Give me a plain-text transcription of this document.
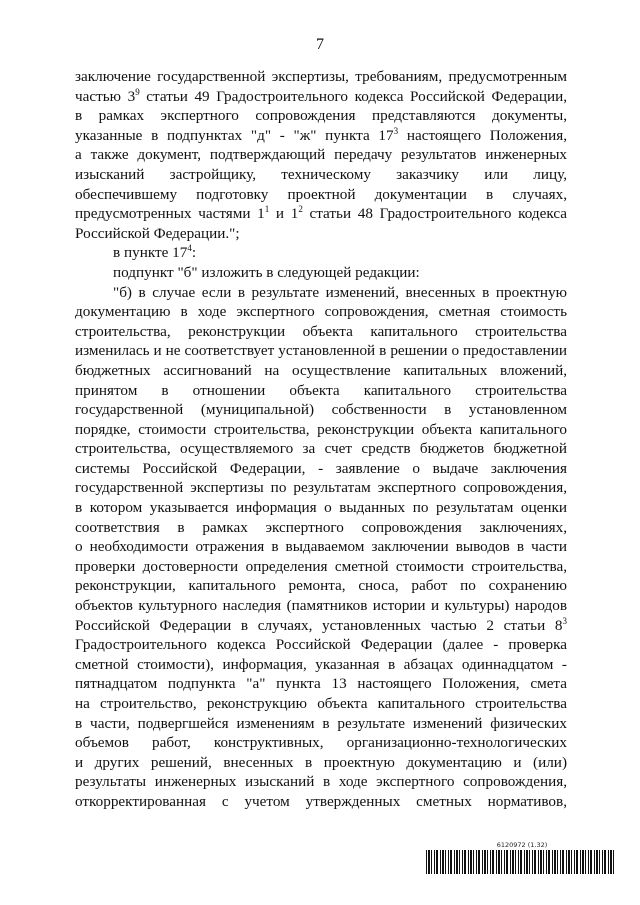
7
заключение государственной экспертизы, требованиям, предусмотренным
частью $3^9$ статьи 49 Градостроительного кодекса Российской Федерации,
в рамках экспертного сопровождения представляются документы,
указанные в подпунктах "д" - "ж" пункта $17^3$ настоящего Положения,
а также документ, подтверждающий передачу результатов инженерных
изысканий застройщику, техническому заказчику или лицу,
обеспечившему подготовку проектной документации в случаях,
предусмотренных частями $1^1$ и $1^2$ статьи 48 Градостроительного кодекса
Российской Федерации.";
в пункте $17^4$:
подпункт "б" изложить в следующей редакции:
"б) в случае если в результате изменений, внесенных в проектную
документацию в ходе экспертного сопровождения, сметная стоимость
строительства, реконструкции объекта капитального строительства
изменилась и не соответствует установленной в решении о предоставлении
бюджетных ассигнований на осуществление капитальных вложений,
принятом в отношении объекта капитального строительства
государственной (муниципальной) собственности в установленном
порядке, стоимости строительства, реконструкции объекта капитального
строительства, осуществляемого за счет средств бюджетов бюджетной
системы Российской Федерации, - заявление о выдаче заключения
государственной экспертизы по результатам экспертного сопровождения,
в котором указывается информация о выданных по результатам оценки
соответствия в рамках экспертного сопровождения заключениях,
о необходимости отражения в выдаваемом заключении выводов в части
проверки достоверности определения сметной стоимости строительства,
реконструкции, капитального ремонта, сноса, работ по сохранению
объектов культурного наследия (памятников истории и культуры) народов
Российской Федерации в случаях, установленных частью 2 статьи $8^3$
Градостроительного кодекса Российской Федерации (далее - проверка
сметной стоимости), информация, указанная в абзацах одиннадцатом -
пятнадцатом подпункта "а" пункта 13 настоящего Положения, смета
на строительство, реконструкцию объекта капитального строительства
в части, подвергшейся изменениям в результате изменений физических
объемов работ, конструктивных, организационно-технологических
и других решений, внесенных в проектную документацию и (или)
результаты инженерных изысканий в ходе экспертного сопровождения,
откорректированная с учетом утвержденных сметных нормативов,
6120972 (1.32)
